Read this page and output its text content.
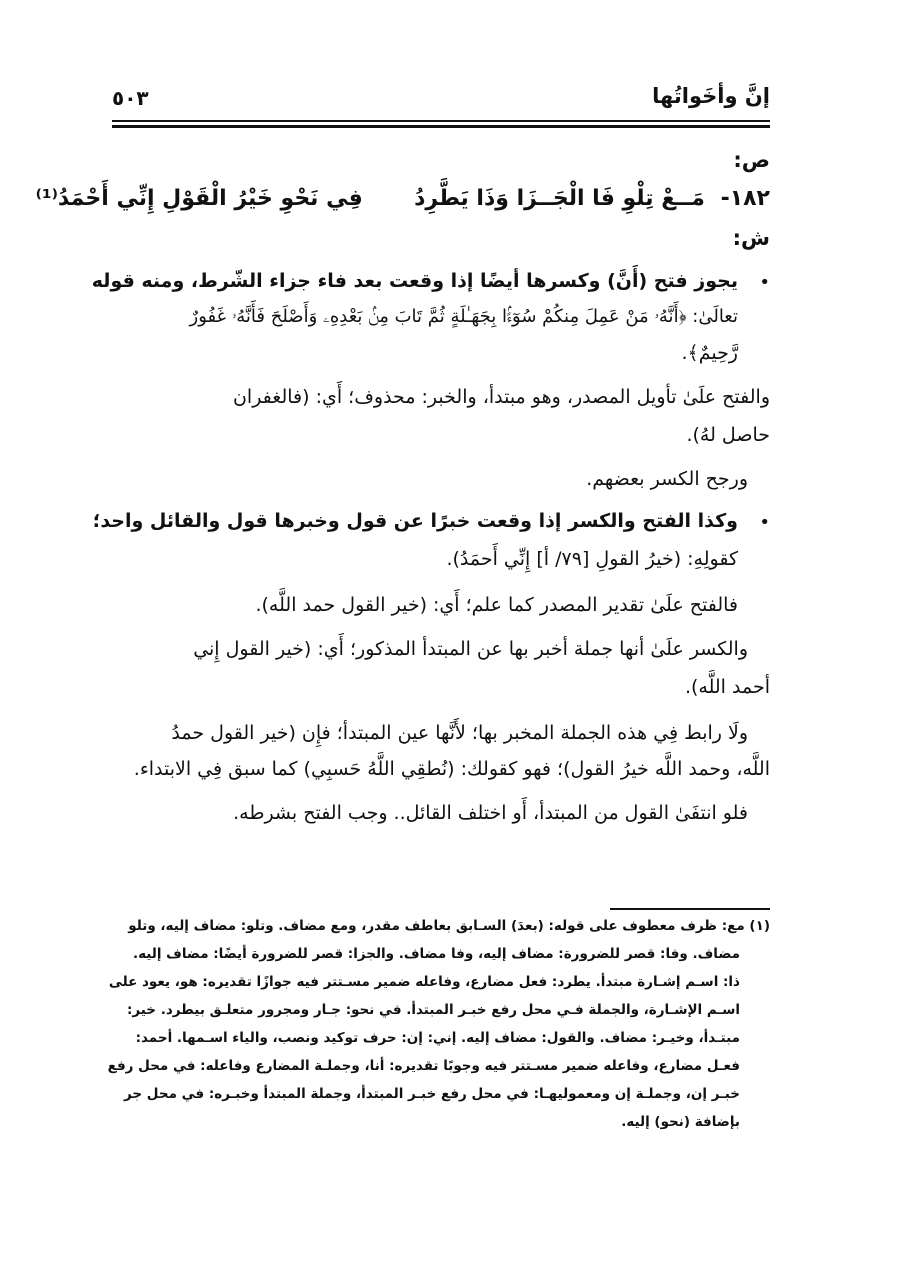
إنَّ وأخَواتُها
٥٠٣
ص:
١٨٢- مَــعْ تِلْوِ فَا الْجَــزَا وَذَا يَطَّرِدُ  فِي نَحْوِ خَيْرُ الْقَوْلِ إِنِّي أَحْمَدُ⁽¹⁾
ش:
•
يجوز فتح (أَنَّ) وكسرها أيضًا إذا وقعت بعد فاء جزاء الشّرط، ومنه قوله
تعالَىٰ: ﴿أَنَّهُۥ مَنْ عَمِلَ مِنكُمْ سُوٓءًۢا بِجَهَـٰلَةٍ ثُمَّ تَابَ مِنۢ بَعْدِهِۦ وَأَصْلَحَ فَأَنَّهُۥ غَفُورٌ
رَّحِيمٌ﴾.
والفتح علَىٰ تأويل المصدر، وهو مبتدأ، والخبر: محذوف؛ أَي: (فالغفران
حاصل لهُ).
ورجح الكسر بعضهم.
•
وكذا الفتح والكسر إذا وقعت خبرًا عن قول وخبرها قول والقائل واحد؛
كقولِهِ: (خيرُ القولِ [٧٩/ أ] إِنِّي أَحمَدُ).
فالفتح علَىٰ تقدير المصدر كما علم؛ أَي: (خير القول حمد اللَّه).
والكسر علَىٰ أنها جملة أخبر بها عن المبتدأ المذكور؛ أَي: (خير القول إِني
أحمد اللَّه).
ولَا رابط فِي هذه الجملة المخبر بها؛ لأَنَّها عين المبتدأ؛ فإِن (خير القول حمدُ
اللَّه، وحمد اللَّه خيرُ القول)؛ فهو كقولك: (نُطقِي اللَّهُ حَسبِي) كما سبق فِي الابتداء.
فلو انتفَىٰ القول من المبتدأ، أَو اختلف القائل.. وجب الفتح بشرطه.
(١) مع: ظرف معطوف على قوله: (بعدَ) السـابق بعاطف مقدر، ومع مضاف. وتلو: مضاف إليه، وتلو
مضاف. وفا: قصر للضرورة: مضاف إليه، وفا مضاف. والجزا: قصر للضرورة أيضًا: مضاف إليه.
ذا: اسـم إشـارة مبتدأ. يطرد: فعل مضارع، وفاعله ضمير مسـتتر فيه جوازًا تقديره: هو، يعود على
اسـم الإشـارة، والجملة فـي محل رفع خبـر المبتدأ. في نحو: جـار ومجرور متعلـق بيطرد. خير:
مبتـدأ، وخيـر: مضاف. والقول: مضاف إليه. إني: إن: حرف توكيد ونصب، والياء اسـمها. أحمد:
فعـل مضارع، وفاعله ضمير مسـتتر فيه وجوبًا تقديره: أنا، وجملـة المضارع وفاعله: في محل رفع
خبـر إن، وجملـة إن ومعموليهـا: في محل رفع خبـر المبتدأ، وجملة المبتدأ وخبـره: في محل جر
بإضافة (نحو) إليه.
